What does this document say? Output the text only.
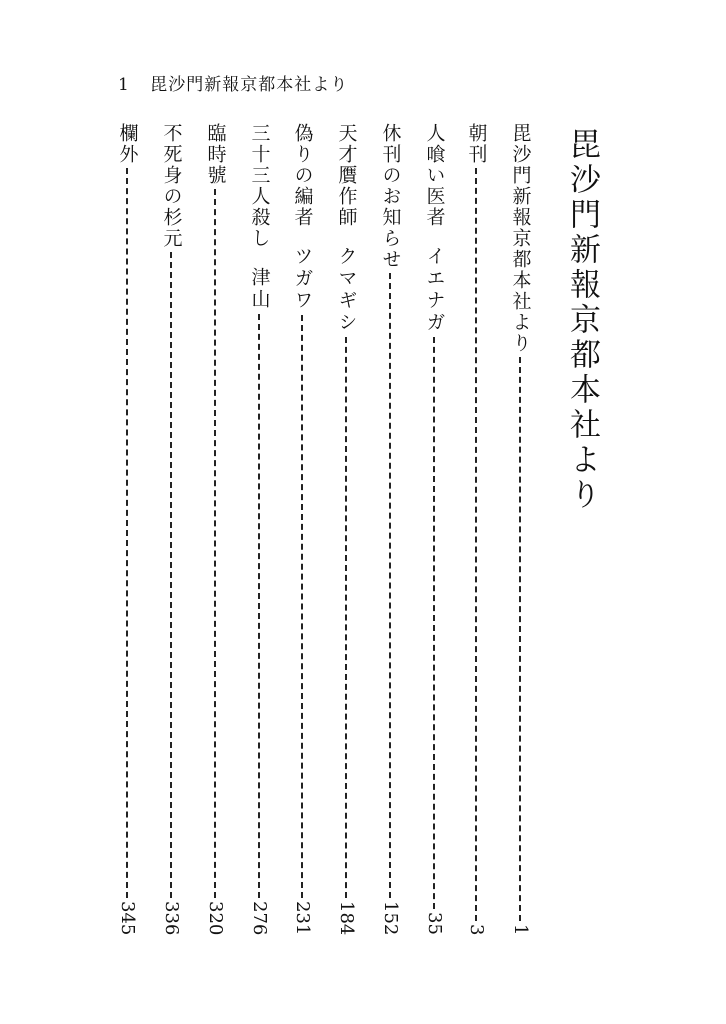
1 毘沙門新報京都本社より
毘沙門新報京都本社より
毘沙門新報京都本社より
1
朝刊
3
人喰い医者
イエナガ
35
休刊のお知らせ
152
天才贋作師
クマギシ
184
偽りの編者
ツガワ
231
三十三人殺し
津山
276
臨時號
320
不死身の杉元
336
欄外
345
